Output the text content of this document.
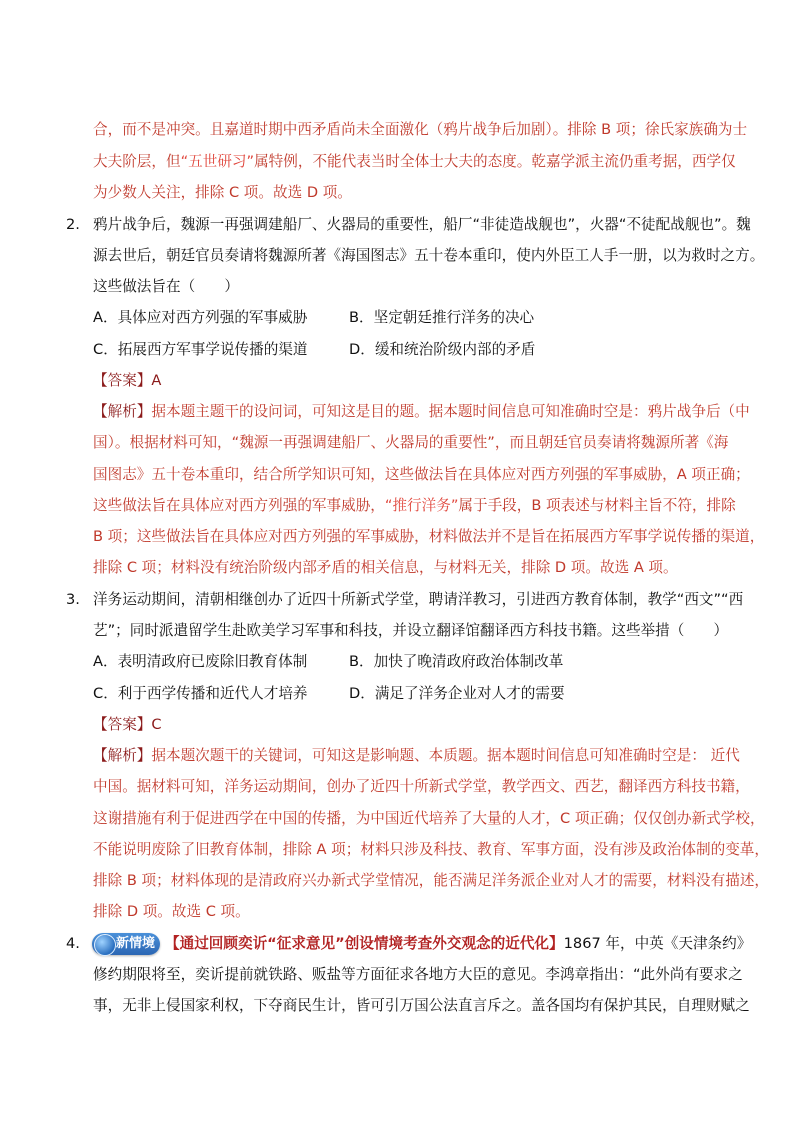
合，而不是冲突。且嘉道时期中西矛盾尚未全面激化（鸦片战争后加剧）。排除 B 项；徐氏家族确为士
大夫阶层，但“五世研习”属特例，不能代表当时全体士大夫的态度。乾嘉学派主流仍重考据，西学仅
为少数人关注，排除 C 项。故选 D 项。
2. 鸦片战争后，魏源一再强调建船厂、火器局的重要性，船厂“非徒造战舰也”，火器“不徒配战舰也”。魏
源去世后，朝廷官员奏请将魏源所著《海国图志》五十卷本重印，使内外臣工人手一册，以为救时之方。
这些做法旨在（　　）
A．具体应对西方列强的军事威胁	B．坚定朝廷推行洋务的决心
C．拓展西方军事学说传播的渠道	D．缓和统治阶级内部的矛盾
【答案】A
【解析】据本题主题干的设问词，可知这是目的题。据本题时间信息可知准确时空是：鸦片战争后（中
国）。根据材料可知，“魏源一再强调建船厂、火器局的重要性”，而且朝廷官员奏请将魏源所著《海
国图志》五十卷本重印，结合所学知识可知，这些做法旨在具体应对西方列强的军事威胁，A 项正确；
这些做法旨在具体应对西方列强的军事威胁，“推行洋务”属于手段，B 项表述与材料主旨不符，排除
B 项；这些做法旨在具体应对西方列强的军事威胁，材料做法并不是旨在拓展西方军事学说传播的渠道，
排除 C 项；材料没有统治阶级内部矛盾的相关信息，与材料无关，排除 D 项。故选 A 项。
3. 洋务运动期间，清朝相继创办了近四十所新式学堂，聘请洋教习，引进西方教育体制，教学“西文”“西
艺”；同时派遣留学生赴欧美学习军事和科技，并设立翻译馆翻译西方科技书籍。这些举措（　　）
A．表明清政府已废除旧教育体制	B．加快了晚清政府政治体制改革
C．利于西学传播和近代人才培养	D．满足了洋务企业对人才的需要
【答案】C
【解析】据本题次题干的关键词，可知这是影响题、本质题。据本题时间信息可知准确时空是： 近代
中国。据材料可知，洋务运动期间，创办了近四十所新式学堂，教学西文、西艺，翻译西方科技书籍，
这谢措施有利于促进西学在中国的传播，为中国近代培养了大量的人才，C 项正确；仅仅创办新式学校，
不能说明废除了旧教育体制，排除 A 项；材料只涉及科技、教育、军事方面，没有涉及政治体制的变革，
排除 B 项；材料体现的是清政府兴办新式学堂情况，能否满足洋务派企业对人才的需要，材料没有描述，
排除 D 项。故选 C 项。
4.	新情境 【通过回顾奕䜣“征求意见”创设情境考查外交观念的近代化】1867 年，中英《天津条约》
修约期限将至，奕䜣提前就铁路、贩盐等方面征求各地方大臣的意见。李鸿章指出：“此外尚有要求之
事，无非上侵国家利权，下夺商民生计，皆可引万国公法直言斥之。盖各国均有保护其民，自理财赋之
